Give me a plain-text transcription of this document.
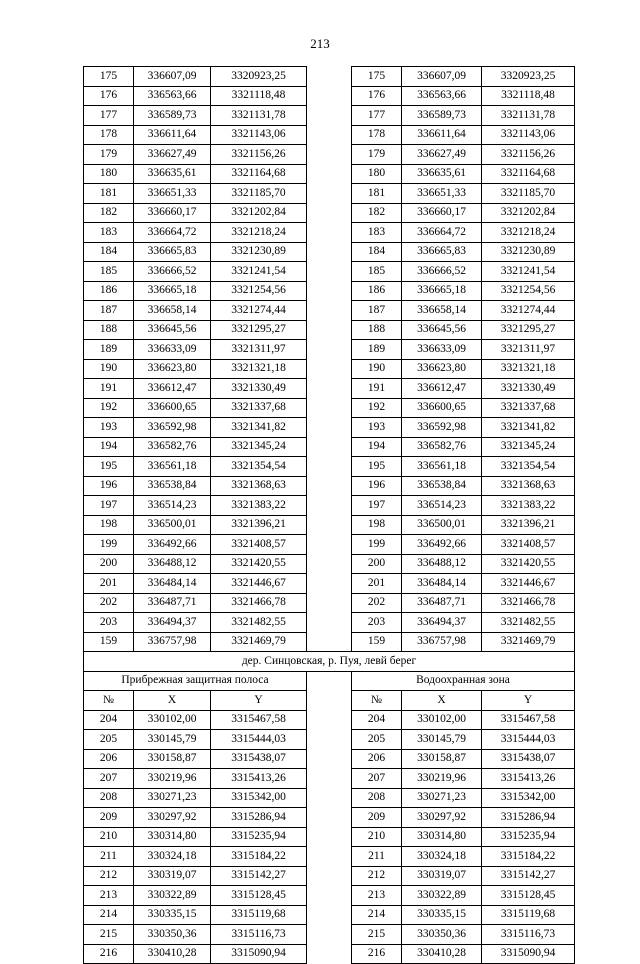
213
175	336607,09	3320923,25		175	336607,09	3320923,25
176	336563,66	3321118,48		176	336563,66	3321118,48
177	336589,73	3321131,78		177	336589,73	3321131,78
178	336611,64	3321143,06		178	336611,64	3321143,06
179	336627,49	3321156,26		179	336627,49	3321156,26
180	336635,61	3321164,68		180	336635,61	3321164,68
181	336651,33	3321185,70		181	336651,33	3321185,70
182	336660,17	3321202,84		182	336660,17	3321202,84
183	336664,72	3321218,24		183	336664,72	3321218,24
184	336665,83	3321230,89		184	336665,83	3321230,89
185	336666,52	3321241,54		185	336666,52	3321241,54
186	336665,18	3321254,56		186	336665,18	3321254,56
187	336658,14	3321274,44		187	336658,14	3321274,44
188	336645,56	3321295,27		188	336645,56	3321295,27
189	336633,09	3321311,97		189	336633,09	3321311,97
190	336623,80	3321321,18		190	336623,80	3321321,18
191	336612,47	3321330,49		191	336612,47	3321330,49
192	336600,65	3321337,68		192	336600,65	3321337,68
193	336592,98	3321341,82		193	336592,98	3321341,82
194	336582,76	3321345,24		194	336582,76	3321345,24
195	336561,18	3321354,54		195	336561,18	3321354,54
196	336538,84	3321368,63		196	336538,84	3321368,63
197	336514,23	3321383,22		197	336514,23	3321383,22
198	336500,01	3321396,21		198	336500,01	3321396,21
199	336492,66	3321408,57		199	336492,66	3321408,57
200	336488,12	3321420,55		200	336488,12	3321420,55
201	336484,14	3321446,67		201	336484,14	3321446,67
202	336487,71	3321466,78		202	336487,71	3321466,78
203	336494,37	3321482,55		203	336494,37	3321482,55
159	336757,98	3321469,79		159	336757,98	3321469,79
дер. Синцовская, р. Пуя, левй берег						
Прибрежная защитная полоса				Водоохранная зона		
№	X	Y		№	X	Y
204	330102,00	3315467,58		204	330102,00	3315467,58
205	330145,79	3315444,03		205	330145,79	3315444,03
206	330158,87	3315438,07		206	330158,87	3315438,07
207	330219,96	3315413,26		207	330219,96	3315413,26
208	330271,23	3315342,00		208	330271,23	3315342,00
209	330297,92	3315286,94		209	330297,92	3315286,94
210	330314,80	3315235,94		210	330314,80	3315235,94
211	330324,18	3315184,22		211	330324,18	3315184,22
212	330319,07	3315142,27		212	330319,07	3315142,27
213	330322,89	3315128,45		213	330322,89	3315128,45
214	330335,15	3315119,68		214	330335,15	3315119,68
215	330350,36	3315116,73		215	330350,36	3315116,73
216	330410,28	3315090,94		216	330410,28	3315090,94
